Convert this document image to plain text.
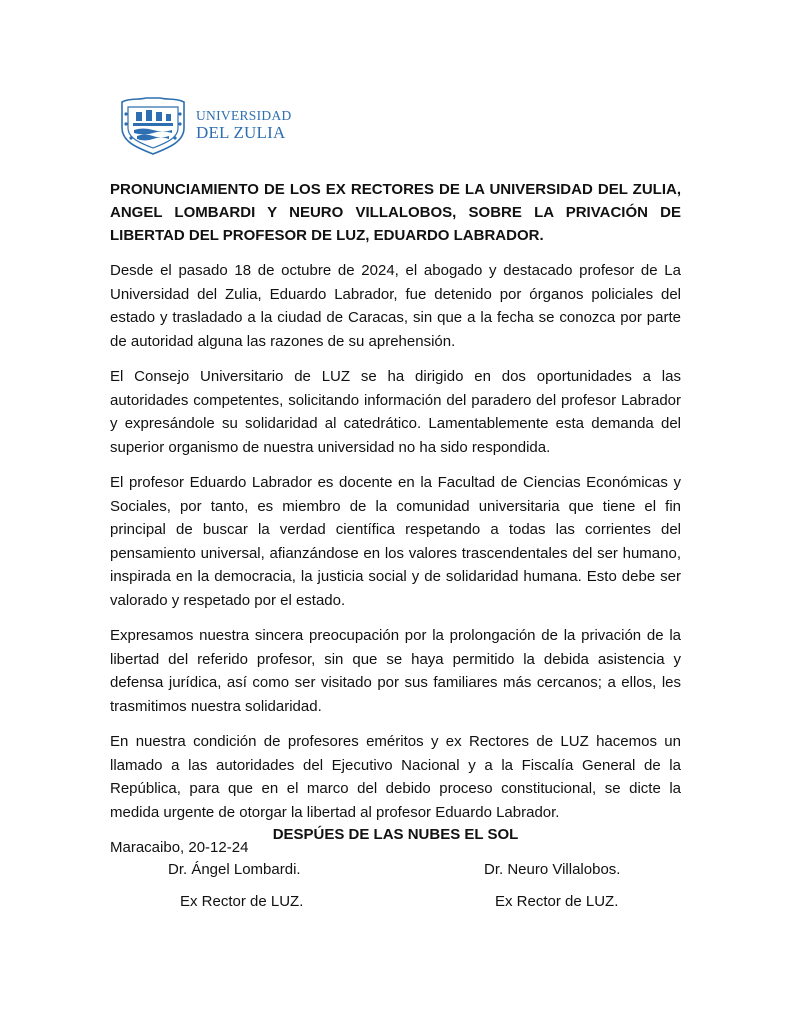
UNIVERSIDAD
DEL ZULIA

PRONUNCIAMIENTO DE LOS EX RECTORES DE LA UNIVERSIDAD DEL ZULIA, ANGEL LOMBARDI Y NEURO VILLALOBOS, SOBRE LA PRIVACIÓN DE LIBERTAD DEL PROFESOR DE LUZ, EDUARDO LABRADOR.

Desde el pasado 18 de octubre de 2024, el abogado y destacado profesor de La Universidad del Zulia, Eduardo Labrador, fue detenido por órganos policiales del estado y trasladado a la ciudad de Caracas, sin que a la fecha se conozca por parte de autoridad alguna las razones de su aprehensión.

El Consejo Universitario de LUZ se ha dirigido en dos oportunidades a las autoridades competentes, solicitando información del paradero del profesor Labrador y expresándole su solidaridad al catedrático. Lamentablemente esta demanda del superior organismo de nuestra universidad no ha sido respondida.

El profesor Eduardo Labrador es docente en la Facultad de Ciencias Económicas y Sociales, por tanto, es miembro de la comunidad universitaria que tiene el fin principal de buscar la verdad científica respetando a todas las corrientes del pensamiento universal, afianzándose en los valores trascendentales del ser humano, inspirada en la democracia, la justicia social y de solidaridad humana. Esto debe ser valorado y respetado por el estado.

Expresamos nuestra sincera preocupación por la prolongación de la privación de la libertad del referido profesor, sin que se haya permitido la debida asistencia y defensa jurídica, así como ser visitado por sus familiares más cercanos; a ellos, les trasmitimos nuestra solidaridad.

En nuestra condición de profesores eméritos y ex Rectores de LUZ hacemos un llamado a las autoridades del Ejecutivo Nacional y a la Fiscalía General de la República, para que en el marco del debido proceso constitucional, se dicte la medida urgente de otorgar la libertad al profesor Eduardo Labrador.

Maracaibo, 20-12-24

DESPÚES DE LAS NUBES EL SOL
Dr. Ángel Lombardi.
Ex Rector de LUZ.
Dr. Neuro Villalobos.
Ex Rector de LUZ.
